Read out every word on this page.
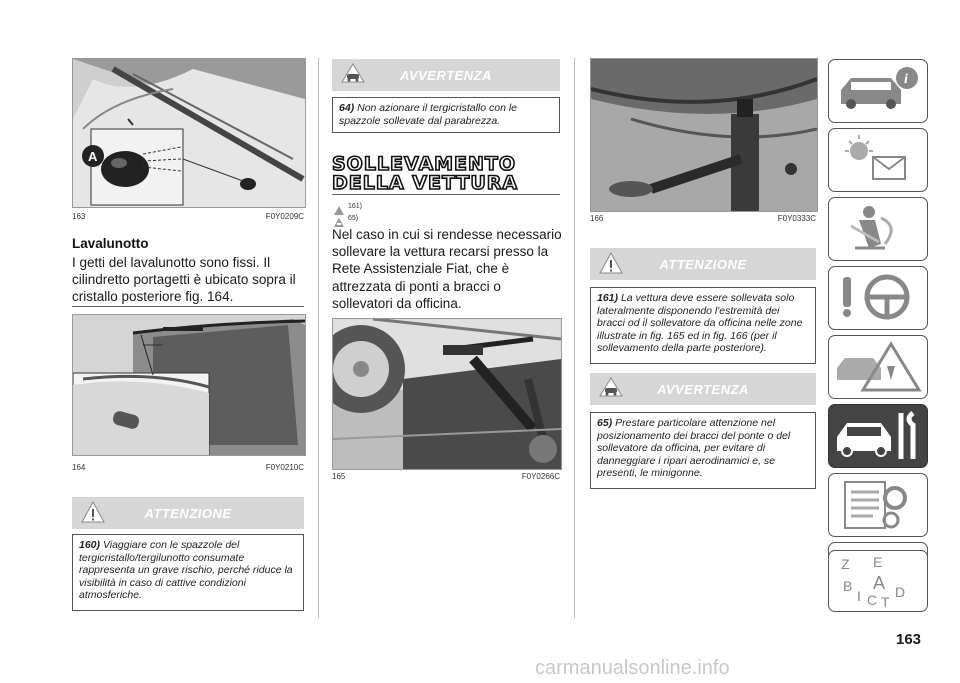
A
163	F0Y0209C
Lavalunotto
I getti del lavalunotto sono fissi. Il cilindretto portagetti è ubicato sopra il cristallo posteriore fig. 164.
164	F0Y0210C
ATTENZIONE
160) Viaggiare con le spazzole del tergicristallo/tergilunotto consumate rappresenta un grave rischio, perché riduce la visibilità in caso di cattive condizioni atmosferiche.
AVVERTENZA
64) Non azionare il tergicristallo con le spazzole sollevate dal parabrezza.
SOLLEVAMENTO
DELLA VETTURA
161)
65)
Nel caso in cui si rendesse necessario sollevare la vettura recarsi presso la Rete Assistenziale Fiat, che è attrezzata di ponti a bracci o sollevatori da officina.
165	F0Y0266C
166	F0Y0333C
ATTENZIONE
161) La vettura deve essere sollevata solo lateralmente disponendo l'estremità dei bracci od il sollevatore da officina nelle zone illustrate in fig. 165 ed in fig. 166 (per il sollevamento della parte posteriore).
AVVERTENZA
65) Prestare particolare attenzione nel posizionamento dei bracci del ponte o del sollevatore da officina, per evitare di danneggiare i ripari aerodinamici e, se presenti, le minigonne.
i
Z E
B A D
I C T
163
carmanualsonline.info
